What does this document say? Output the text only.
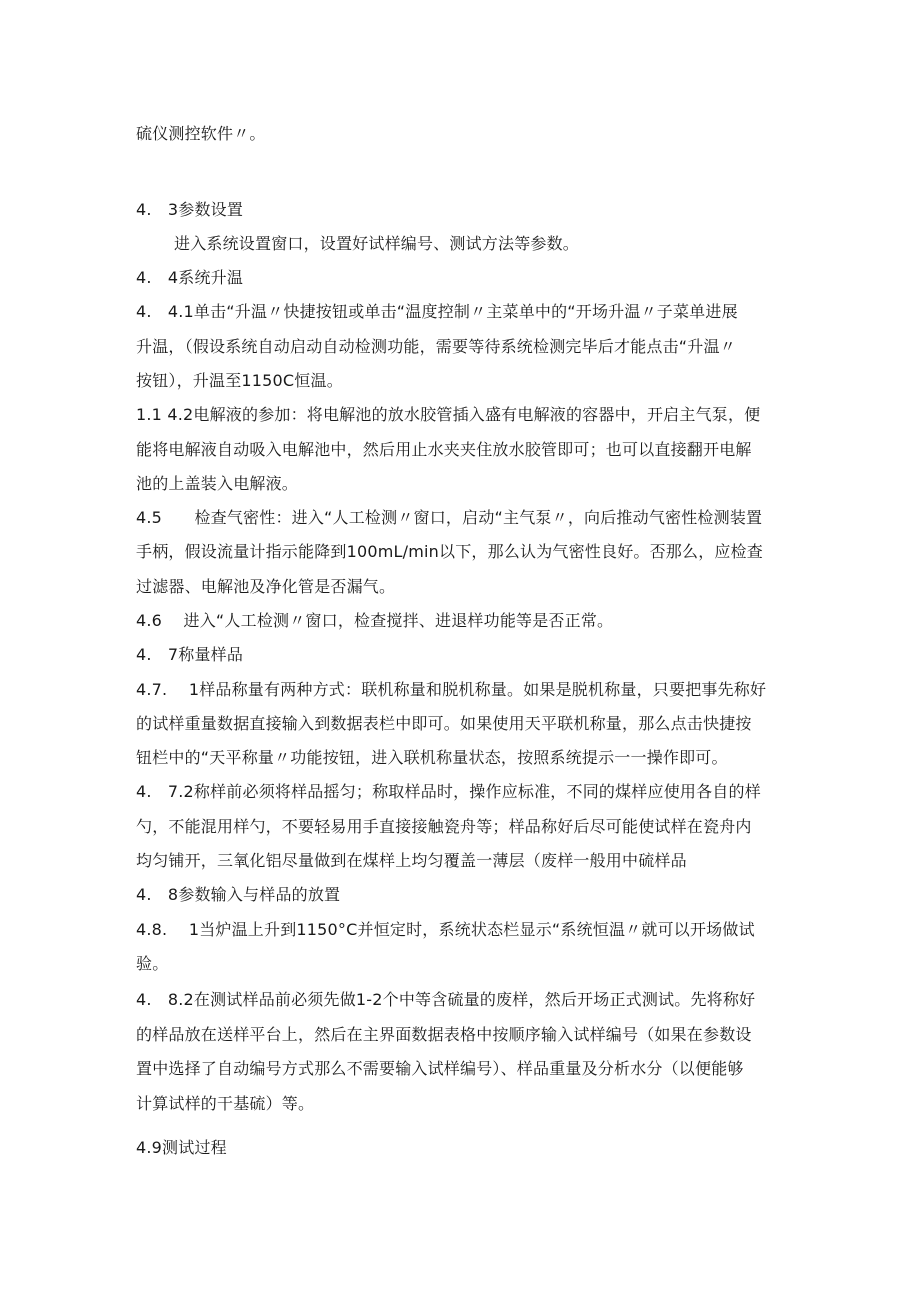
硫仪测控软件〃。
4.　3参数设置
进入系统设置窗口，设置好试样编号、测试方法等参数。
4.　4系统升温
4.　4.1单击“升温〃快捷按钮或单击“温度控制〃主菜单中的“开场升温〃子菜单进展
升温，（假设系统自动启动自动检测功能，需要等待系统检测完毕后才能点击“升温〃
按钮），升温至1150C恒温。
1.1 4.2电解液的参加：将电解池的放水胶管插入盛有电解液的容器中，开启主气泵，便
能将电解液自动吸入电解池中，然后用止水夹夹住放水胶管即可；也可以直接翻开电解
池的上盖装入电解液。
4.5　　检查气密性：进入“人工检测〃窗口，启动“主气泵〃，向后推动气密性检测装置
手柄，假设流量计指示能降到100mL/min以下，那么认为气密性良好。否那么，应检查
过滤器、电解池及净化管是否漏气。
4.6　 进入“人工检测〃窗口，检查搅拌、进退样功能等是否正常。
4.　7称量样品
4.7.　 1样品称量有两种方式：联机称量和脱机称量。如果是脱机称量，只要把事先称好
的试样重量数据直接输入到数据表栏中即可。如果使用天平联机称量，那么点击快捷按
钮栏中的“天平称量〃功能按钮，进入联机称量状态，按照系统提示一一操作即可。
4.　7.2称样前必须将样品摇匀；称取样品时，操作应标准，不同的煤样应使用各自的样
勺，不能混用样勺，不要轻易用手直接接触瓷舟等；样品称好后尽可能使试样在瓷舟内
均匀铺开，三氧化铝尽量做到在煤样上均匀覆盖一薄层（废样一般用中硫样品
4.　8参数输入与样品的放置
4.8.　 1当炉温上升到1150°C并恒定时，系统状态栏显示“系统恒温〃就可以开场做试
验。
4.　8.2在测试样品前必须先做1-2个中等含硫量的废样，然后开场正式测试。先将称好
的样品放在送样平台上，然后在主界面数据表格中按顺序输入试样编号（如果在参数设
置中选择了自动编号方式那么不需要输入试样编号）、样品重量及分析水分（以便能够
计算试样的干基硫）等。
4.9测试过程
